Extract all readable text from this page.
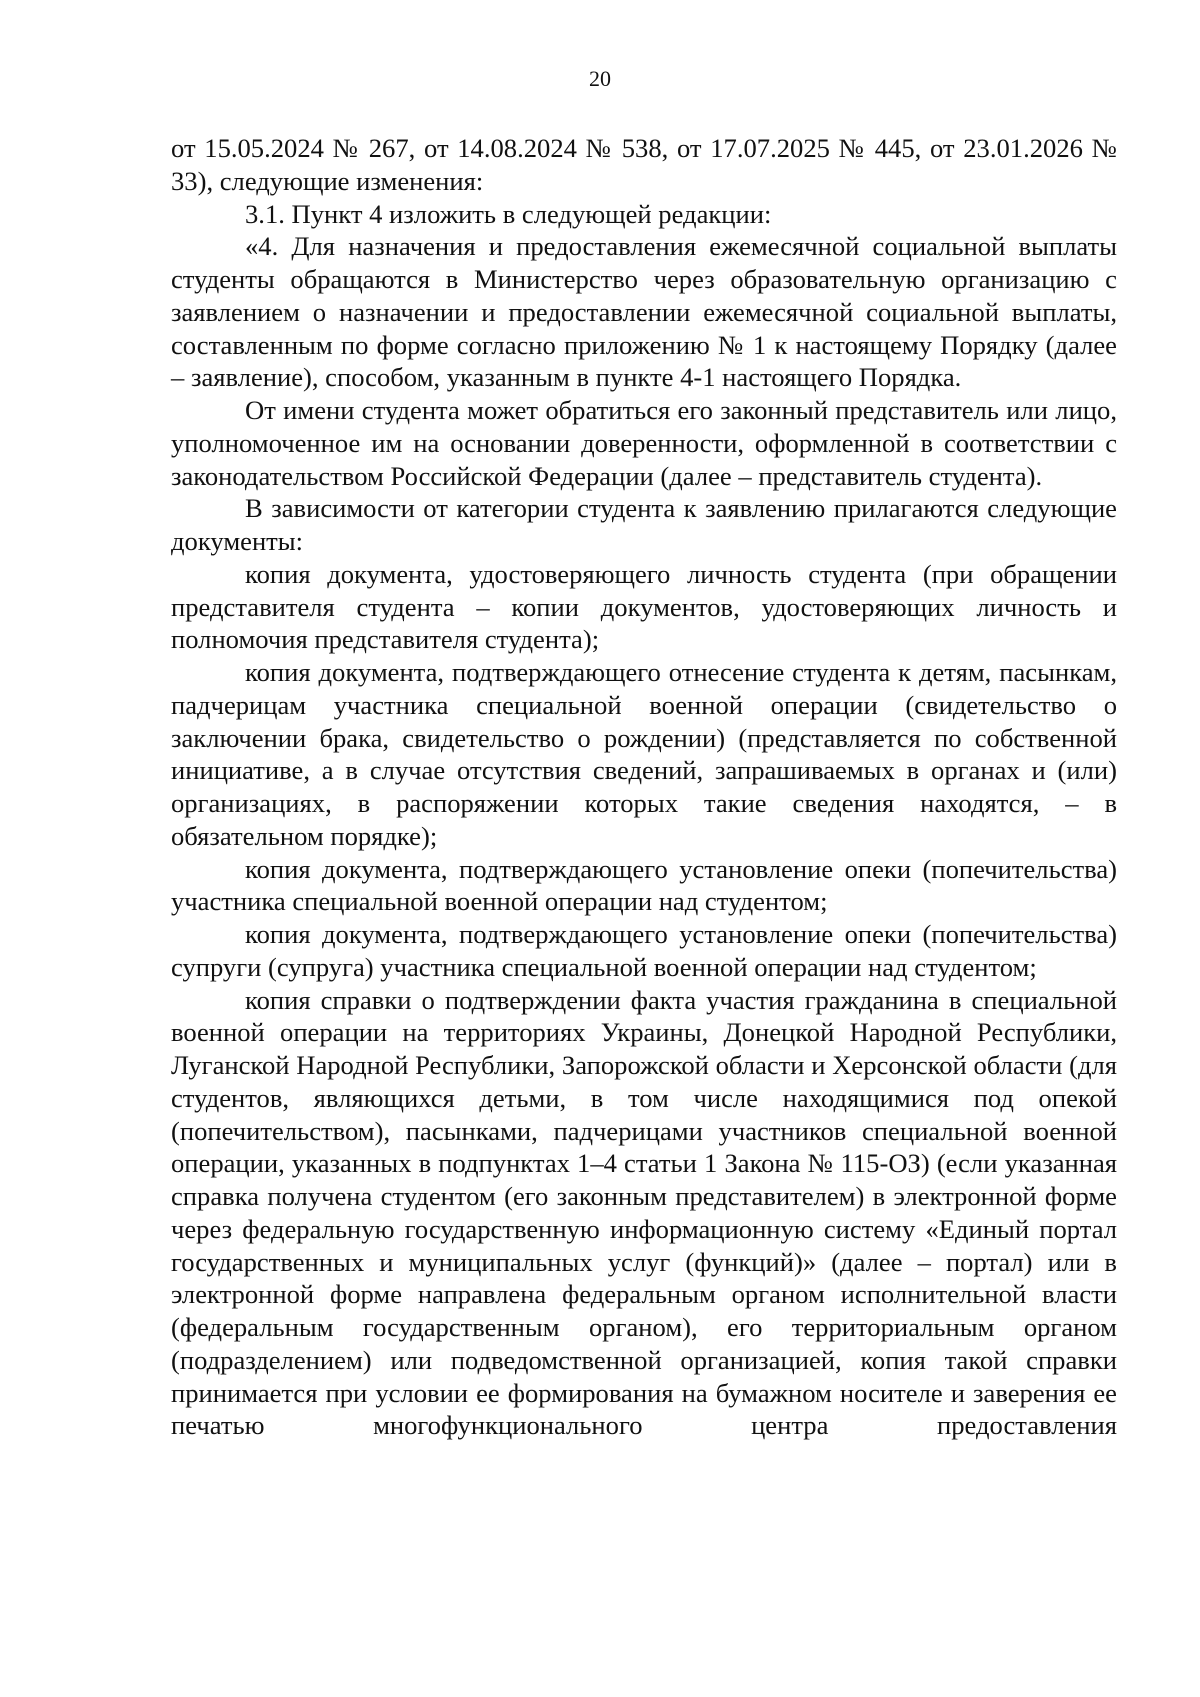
20

от 15.05.2024 № 267, от 14.08.2024 № 538, от 17.07.2025 № 445, от 23.01.2026 № 33), следующие изменения:

3.1. Пункт 4 изложить в следующей редакции:

«4. Для назначения и предоставления ежемесячной социальной выплаты студенты обращаются в Министерство через образовательную организацию с заявлением о назначении и предоставлении ежемесячной социальной выплаты, составленным по форме согласно приложению № 1 к настоящему Порядку (далее – заявление), способом, указанным в пункте 4-1 настоящего Порядка.

От имени студента может обратиться его законный представитель или лицо, уполномоченное им на основании доверенности, оформленной в соответствии с законодательством Российской Федерации (далее – представитель студента).

В зависимости от категории студента к заявлению прилагаются следующие документы:

копия документа, удостоверяющего личность студента (при обращении представителя студента – копии документов, удостоверяющих личность и полномочия представителя студента);

копия документа, подтверждающего отнесение студента к детям, пасынкам, падчерицам участника специальной военной операции (свидетельство о заключении брака, свидетельство о рождении) (представляется по собственной инициативе, а в случае отсутствия сведений, запрашиваемых в органах и (или) организациях, в распоряжении которых такие сведения находятся, – в обязательном порядке);

копия документа, подтверждающего установление опеки (попечительства) участника специальной военной операции над студентом;

копия документа, подтверждающего установление опеки (попечительства) супруги (супруга) участника специальной военной операции над студентом;

копия справки о подтверждении факта участия гражданина в специальной военной операции на территориях Украины, Донецкой Народной Республики, Луганской Народной Республики, Запорожской области и Херсонской области (для студентов, являющихся детьми, в том числе находящимися под опекой (попечительством), пасынками, падчерицами участников специальной военной операции, указанных в подпунктах 1–4 статьи 1 Закона № 115-ОЗ) (если указанная справка получена студентом (его законным представителем) в электронной форме через федеральную государственную информационную систему «Единый портал государственных и муниципальных услуг (функций)» (далее – портал) или в электронной форме направлена федеральным органом исполнительной власти (федеральным государственным органом), его территориальным органом (подразделением) или подведомственной организацией, копия такой справки принимается при условии ее формирования на бумажном носителе и заверения ее печатью многофункционального центра предоставления
